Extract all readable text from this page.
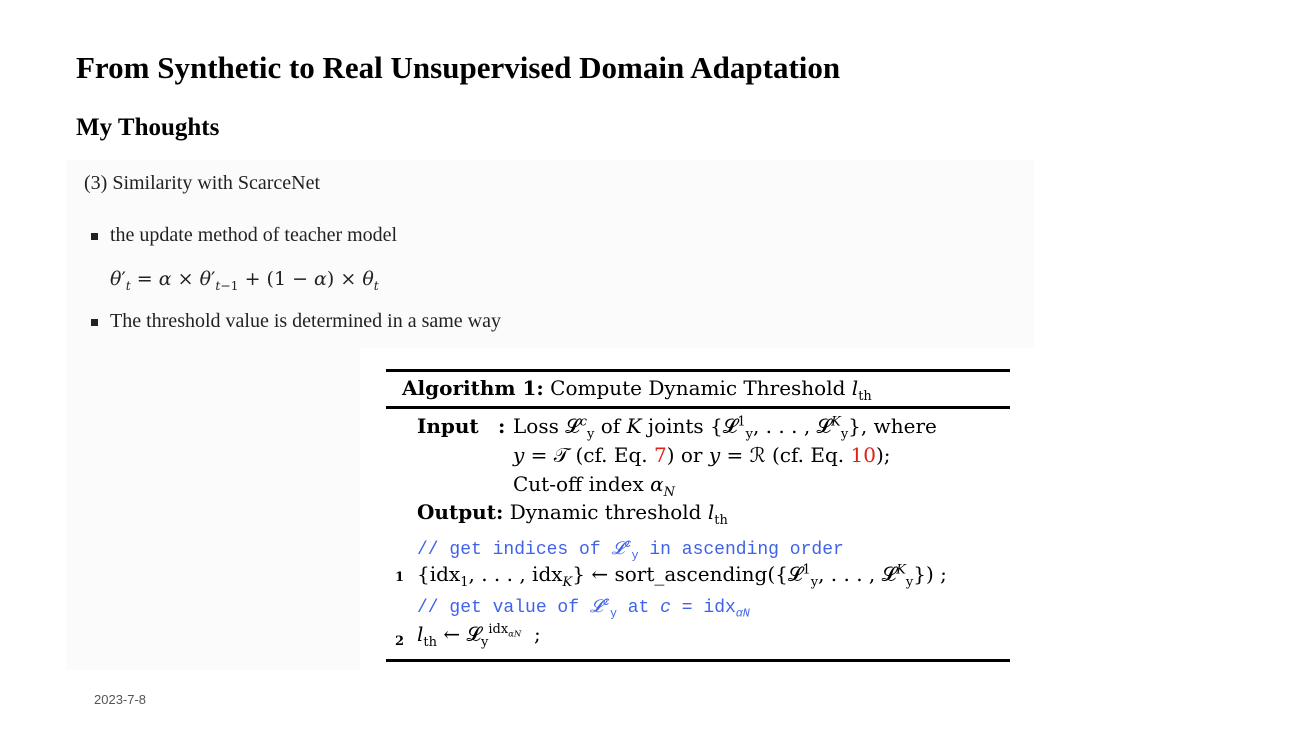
From Synthetic to Real Unsupervised Domain Adaptation
My Thoughts
(3) Similarity with ScarceNet
the update method of teacher model
$\theta'_t = \alpha \times \theta'_{t-1} + (1 - \alpha) \times \theta_t$
The threshold value is determined in a same way
Algorithm 1: Compute Dynamic Threshold $l_{th}$
Input : Loss 𝓛$^c_y$ of K joints {𝓛$^1_y$, . . . , 𝓛$^K_y$}, where
y = 𝒯 (cf. Eq. 7) or y = ℛ (cf. Eq. 10);
Cut-off index $\alpha_N$
Output: Dynamic threshold $l_{th}$
// get indices of 𝓛$^c_y$ in ascending order
1 {idx$_1$, . . . , idx$_K$} ← sort_ascending({𝓛$^1_y$, . . . , 𝓛$^K_y$}) ;
// get value of 𝓛$^c_y$ at c = idx$_{\alpha N}$
2 $l_{th}$ ← 𝓛$_y^{idx_{\alpha N}}$  ;
2023-7-8
